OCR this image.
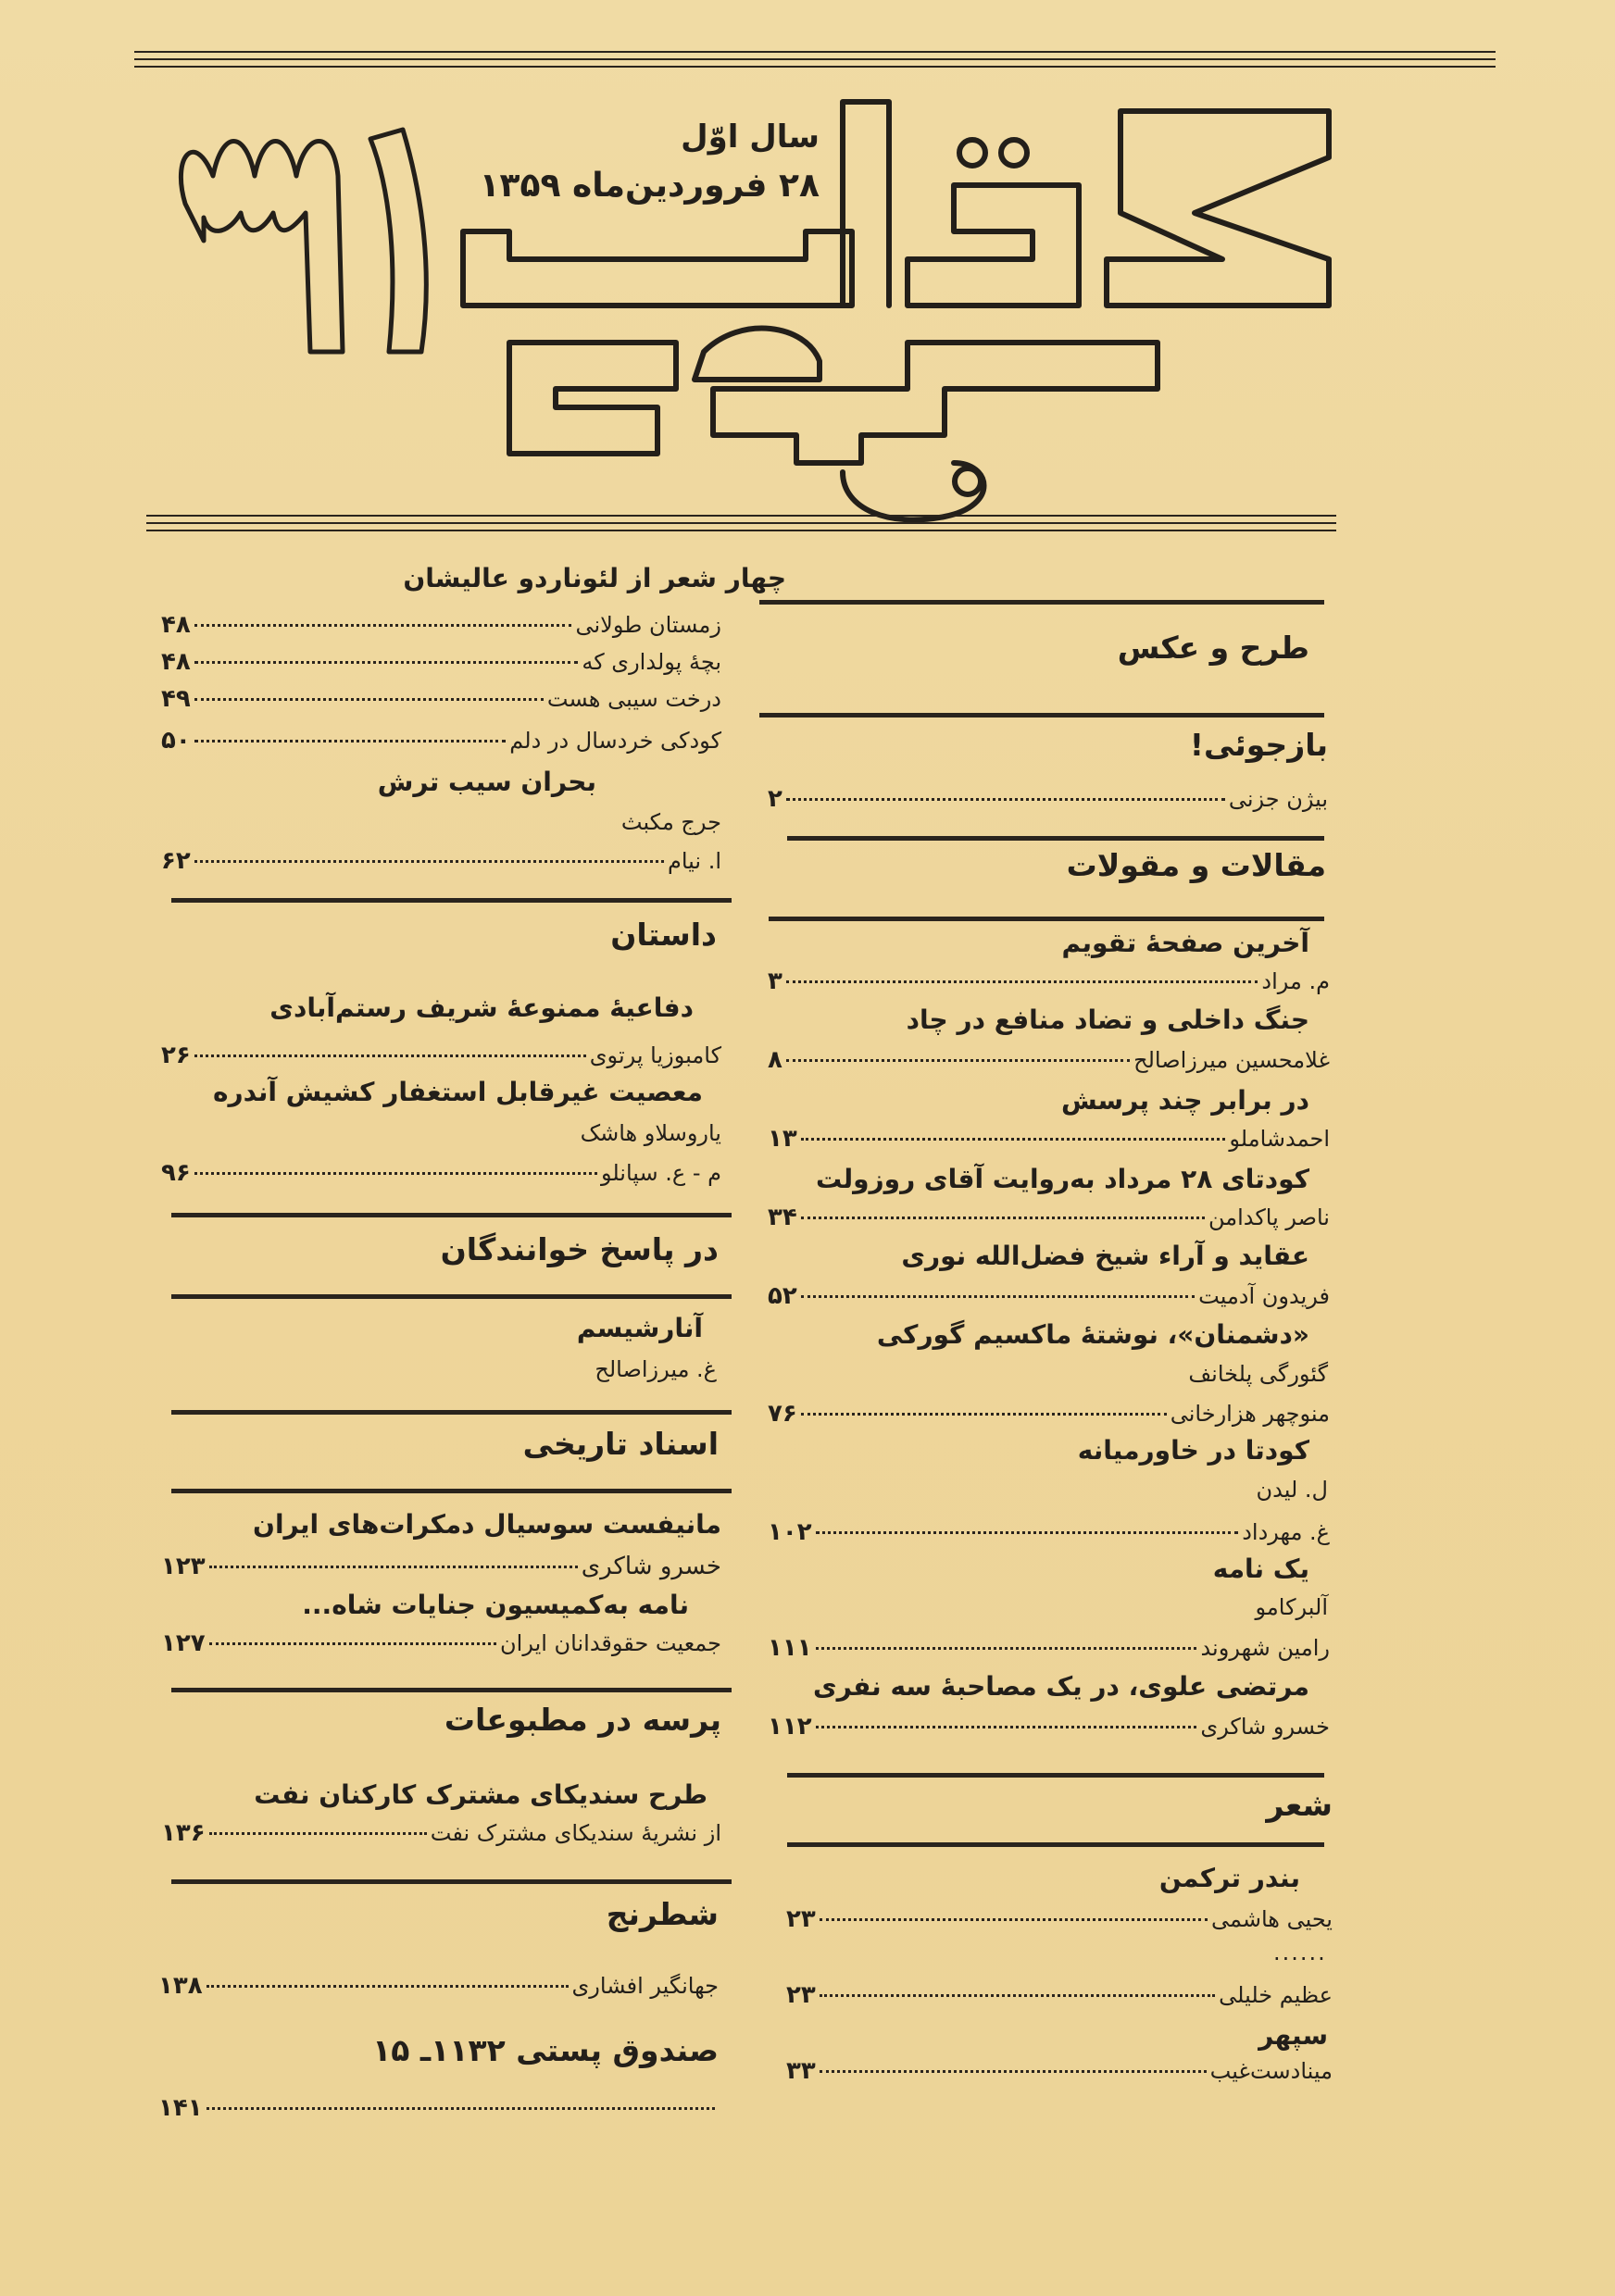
سال اوّل
۲۸ فروردین‌ماه ۱۳۵۹
طرح و عکس
بازجوئی!
بیژن جزنی
۲
مقالات و مقولات
آخرین صفحهٔ تقویم
م. مراد
۳
جنگ داخلی و تضاد منافع در چاد
غلامحسین میرزاصالح
۸
در برابر چند پرسش
احمدشاملو
۱۳
کودتای ۲۸ مرداد به‌روایت آقای روزولت
ناصر پاکدامن
۳۴
عقاید و آراء شیخ فضل‌الله نوری
فریدون آدمیت
۵۲
«دشمنان»، نوشتهٔ ماکسیم گورکی
گئورگی پلخانف
منوچهر هزارخانی
۷۶
کودتا در خاورمیانه
ل. لیدن
غ. مهرداد
۱۰۲
یک نامه
آلبرکامو
رامین شهروند
۱۱۱
مرتضی علوی، در یک مصاحبهٔ سه نفری
خسرو شاکری
۱۱۲
شعر
بندر ترکمن
یحیی هاشمی
۲۳
......
عظیم خلیلی
۲۳
سپهر
مینادست‌غیب
۳۳
چهار شعر از لئوناردو عالیشان
زمستان طولانی
۴۸
بچهٔ پولداری که
۴۸
درخت سیبی هست
۴۹
کودکی خردسال در دلم
۵۰
بحران سیب ترش
جرج مکبث
ا. نیام
۶۲
داستان
دفاعیهٔ ممنوعهٔ شریف رستم‌آبادی
کامبوزیا پرتوی
۲۶
معصیت غیرقابل استغفار کشیش آندره
یاروسلاو هاشک
م - ع. سپانلو
۹۶
در پاسخ خوانندگان
آنارشیسم
غ. میرزاصالح
اسناد تاریخی
مانیفست سوسیال دمکرات‌های ایران
خسرو شاکری
۱۲۳
نامه به‌کمیسیون جنایات شاه...
جمعیت حقوقدانان ایران
۱۲۷
پرسه در مطبوعات
طرح سندیکای مشترک کارکنان نفت
از نشریهٔ سندیکای مشترک نفت
۱۳۶
شطرنج
جهانگیر افشاری
۱۳۸
صندوق پستی ۱۱۳۲ـ ۱۵
۱۴۱
